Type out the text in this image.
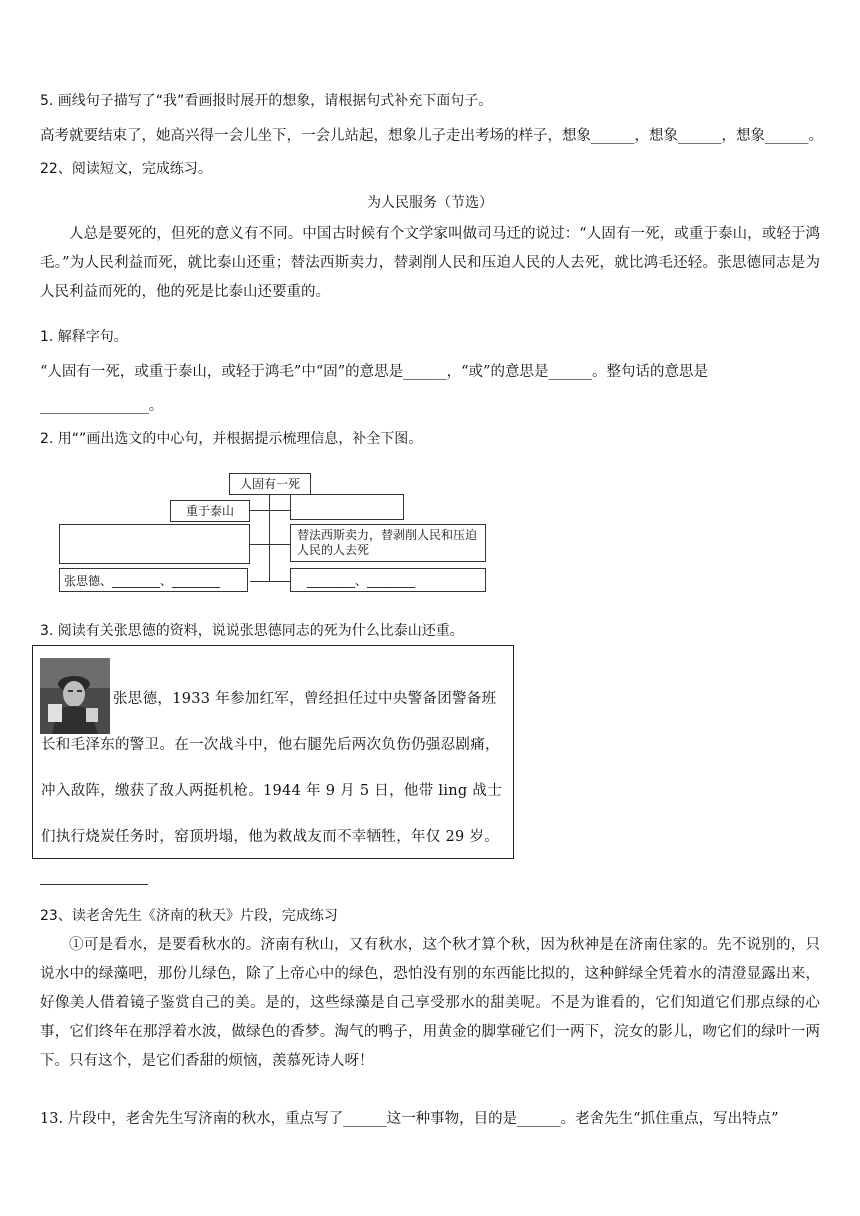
5. 画线句子描写了“我”看画报时展开的想象，请根据句式补充下面句子。
高考就要结束了，她高兴得一会儿坐下，一会儿站起，想象儿子走出考场的样子，想象______，想象______，想象______。
22、阅读短文，完成练习。
为人民服务（节选）
人总是要死的，但死的意义有不同。中国古时候有个文学家叫做司马迁的说过：“人固有一死，或重于泰山，或轻于鸿毛。”为人民利益而死，就比泰山还重；替法西斯卖力，替剥削人民和压迫人民的人去死，就比鸿毛还轻。张思德同志是为人民利益而死的，他的死是比泰山还要重的。
1. 解释字句。
“人固有一死，或重于泰山，或轻于鸿毛”中“固”的意思是______，“或”的意思是______。整句话的意思是
_______________。
2. 用“”画出选文的中心句，并根据提示梳理信息，补全下图。
人固有一死
重于泰山
替法西斯卖力，替剥削人民和压迫人民的人去死
张思德、________、________	________、________
3. 阅读有关张思德的资料，说说张思德同志的死为什么比泰山还重。
张思德，1933 年参加红军，曾经担任过中央警备团警备班长和毛泽东的警卫。在一次战斗中，他右腿先后两次负伤仍强忍剧痛，冲入敌阵，缴获了敌人两挺机枪。1944 年 9 月 5 日，他带 ling 战士们执行烧炭任务时，窑顶坍塌，他为救战友而不幸牺牲，年仅 29 岁。
23、读老舍先生《济南的秋天》片段，完成练习
①可是看水，是要看秋水的。济南有秋山，又有秋水，这个秋才算个秋，因为秋神是在济南住家的。先不说别的，只说水中的绿藻吧，那份儿绿色，除了上帝心中的绿色，恐怕没有别的东西能比拟的，这种鲜绿全凭着水的清澄显露出来，好像美人借着镜子鉴赏自己的美。是的，这些绿藻是自己享受那水的甜美呢。不是为谁看的，它们知道它们那点绿的心事，它们终年在那浮着水波，做绿色的香梦。淘气的鸭子，用黄金的脚掌碰它们一两下，浣女的影儿，吻它们的绿叶一两下。只有这个，是它们香甜的烦恼，羡慕死诗人呀！
13. 片段中，老舍先生写济南的秋水，重点写了______这一种事物，目的是______。老舍先生“抓住重点，写出特点”
